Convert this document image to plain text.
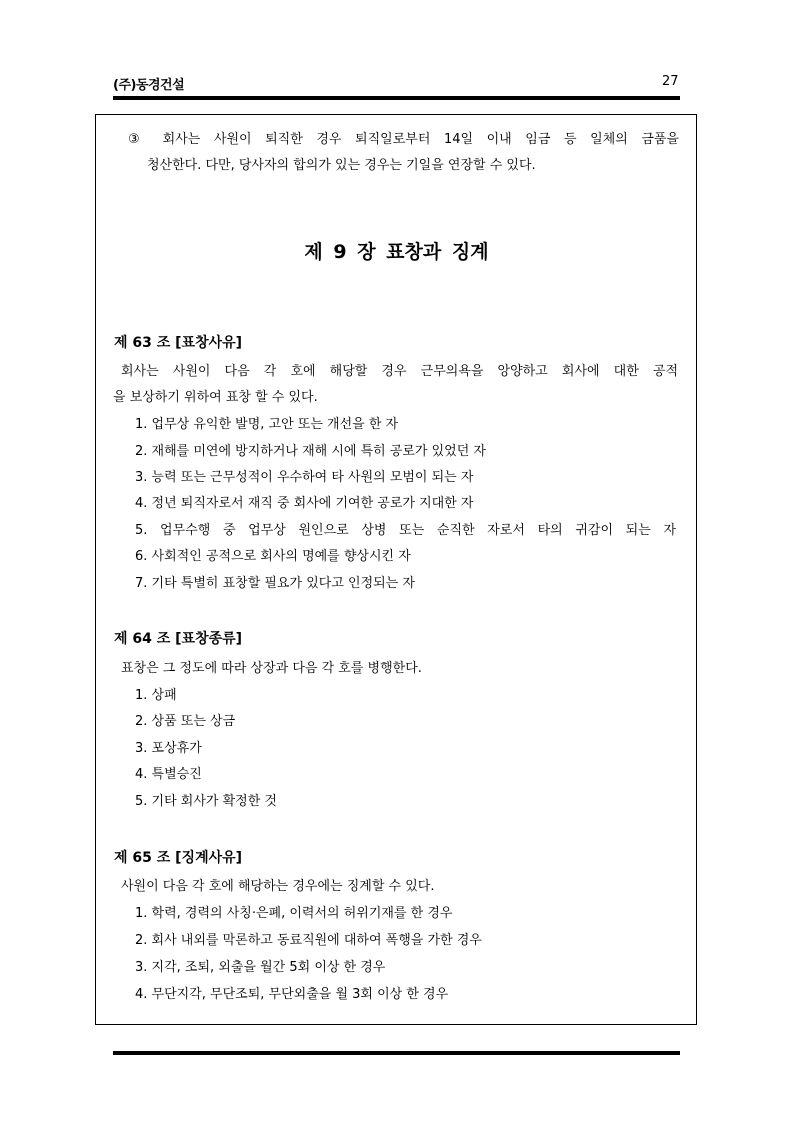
(주)동경건설	27
③ 회사는 사원이 퇴직한 경우 퇴직일로부터 14일 이내 임금 등 일체의 금품을
청산한다. 다만, 당사자의 합의가 있는 경우는 기일을 연장할 수 있다.
제 9 장 표창과 징계
제 63 조 [표창사유]
회사는 사원이 다음 각 호에 해당할 경우 근무의욕을 앙양하고 회사에 대한 공적
을 보상하기 위하여 표창 할 수 있다.
1. 업무상 유익한 발명, 고안 또는 개선을 한 자
2. 재해를 미연에 방지하거나 재해 시에 특히 공로가 있었던 자
3. 능력 또는 근무성적이 우수하여 타 사원의 모범이 되는 자
4. 정년 퇴직자로서 재직 중 회사에 기여한 공로가 지대한 자
5. 업무수행 중 업무상 원인으로 상병 또는 순직한 자로서 타의 귀감이 되는 자
6. 사회적인 공적으로 회사의 명예를 향상시킨 자
7. 기타 특별히 표창할 필요가 있다고 인정되는 자
제 64 조 [표창종류]
표창은 그 정도에 따라 상장과 다음 각 호를 병행한다.
1. 상패
2. 상품 또는 상금
3. 포상휴가
4. 특별승진
5. 기타 회사가 확정한 것
제 65 조 [징계사유]
사원이 다음 각 호에 해당하는 경우에는 징계할 수 있다.
1. 학력, 경력의 사칭·은폐, 이력서의 허위기재를 한 경우
2. 회사 내외를 막론하고 동료직원에 대하여 폭행을 가한 경우
3. 지각, 조퇴, 외출을 월간 5회 이상 한 경우
4. 무단지각, 무단조퇴, 무단외출을 월 3회 이상 한 경우
